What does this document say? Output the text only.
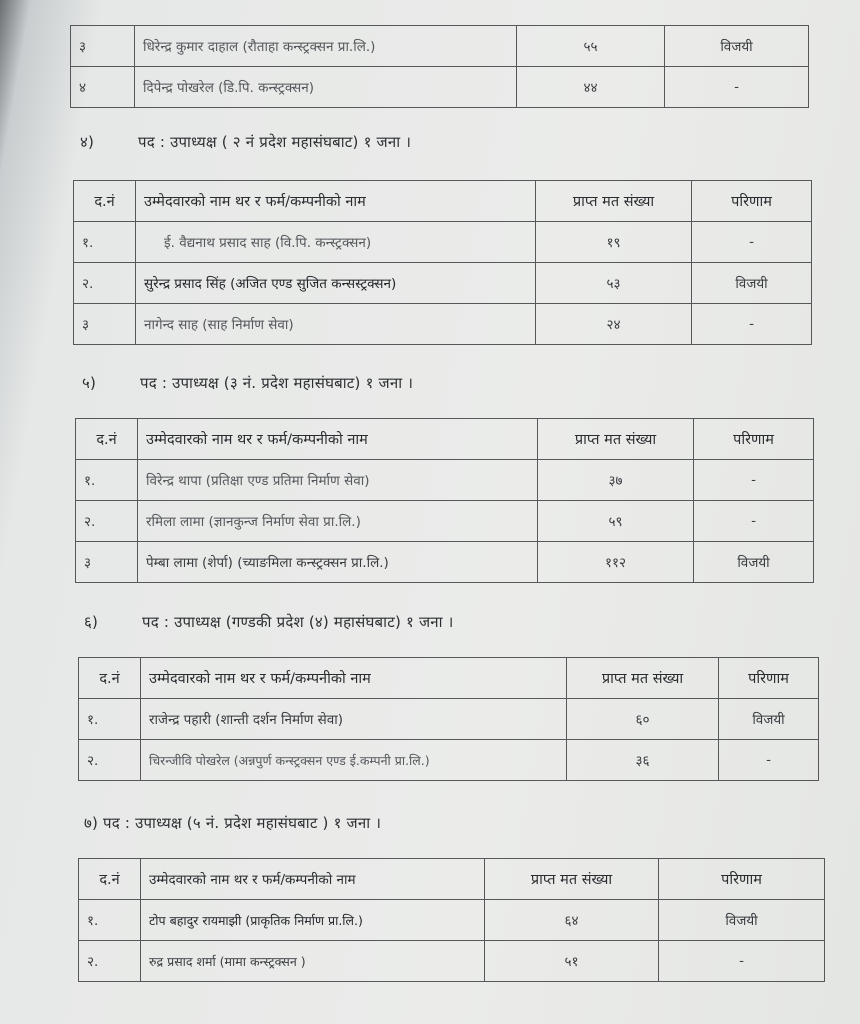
३	धिरेन्द्र कुमार दाहाल (रौताहा कन्स्ट्रक्सन प्रा.लि.)	५५	विजयी
४	दिपेन्द्र पोखरेल (डि.पि. कन्स्ट्रक्सन)	४४	-
४)	पद : उपाध्यक्ष ( २ नं प्रदेश महासंघबाट) १ जना ।
द.नं	उम्मेदवारको नाम थर र फर्म/कम्पनीको नाम	प्राप्त मत संख्या	परिणाम
१.	ई. वैद्यनाथ प्रसाद साह (वि.पि. कन्स्ट्रक्सन)	१९	-
२.	सुरेन्द्र प्रसाद सिंह (अजित एण्ड सुजित कन्सस्ट्रक्सन)	५३	विजयी
३	नागेन्द साह (साह निर्माण सेवा)	२४	-
५)	पद : उपाध्यक्ष (३ नं. प्रदेश महासंघबाट) १ जना ।
द.नं	उम्मेदवारको नाम थर र फर्म/कम्पनीको नाम	प्राप्त मत संख्या	परिणाम
१.	विरेन्द्र थापा (प्रतिक्षा एण्ड प्रतिमा निर्माण सेवा)	३७	-
२.	रमिला लामा (ज्ञानकुन्ज निर्माण सेवा प्रा.लि.)	५९	-
३	पेम्बा लामा (शेर्पा) (च्याङमिला कन्स्ट्रक्सन प्रा.लि.)	११२	विजयी
६)	पद : उपाध्यक्ष (गण्डकी प्रदेश (४) महासंघबाट) १ जना ।
द.नं	उम्मेदवारको नाम थर र फर्म/कम्पनीको नाम	प्राप्त मत संख्या	परिणाम
१.	राजेन्द्र पहारी (शान्ती दर्शन निर्माण सेवा)	६०	विजयी
२.	चिरन्जीवि पोखरेल (अन्नपुर्ण कन्स्ट्रक्सन एण्ड ई.कम्पनी प्रा.लि.)	३६	-
७) पद : उपाध्यक्ष (५ नं. प्रदेश महासंघबाट ) १ जना ।
द.नं	उम्मेदवारको नाम थर र फर्म/कम्पनीको नाम	प्राप्त मत संख्या	परिणाम
१.	टोप बहादुर रायमाझी (प्राकृतिक निर्माण प्रा.लि.)	६४	विजयी
२.	रुद्र प्रसाद शर्मा (मामा कन्स्ट्रक्सन )	५१	-
